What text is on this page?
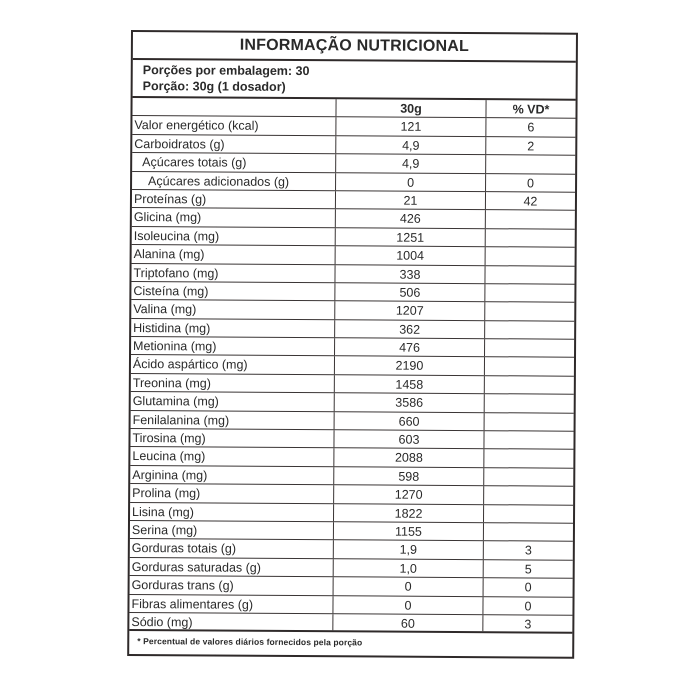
INFORMAÇÃO NUTRICIONAL
Porções por embalagem: 30
Porção: 30g (1 dosador)
30g	% VD*
Valor energético (kcal)	121	6
Carboidratos (g)	4,9	2
Açúcares totais (g)	4,9
Açúcares adicionados (g)	0	0
Proteínas (g)	21	42
Glicina (mg)	426
Isoleucina (mg)	1251
Alanina (mg)	1004
Triptofano (mg)	338
Cisteína (mg)	506
Valina (mg)	1207
Histidina (mg)	362
Metionina (mg)	476
Ácido aspártico (mg)	2190
Treonina (mg)	1458
Glutamina (mg)	3586
Fenilalanina (mg)	660
Tirosina (mg)	603
Leucina (mg)	2088
Arginina (mg)	598
Prolina (mg)	1270
Lisina (mg)	1822
Serina (mg)	1155
Gorduras totais (g)	1,9	3
Gorduras saturadas (g)	1,0	5
Gorduras trans (g)	0	0
Fibras alimentares (g)	0	0
Sódio (mg)	60	3
* Percentual de valores diários fornecidos pela porção
